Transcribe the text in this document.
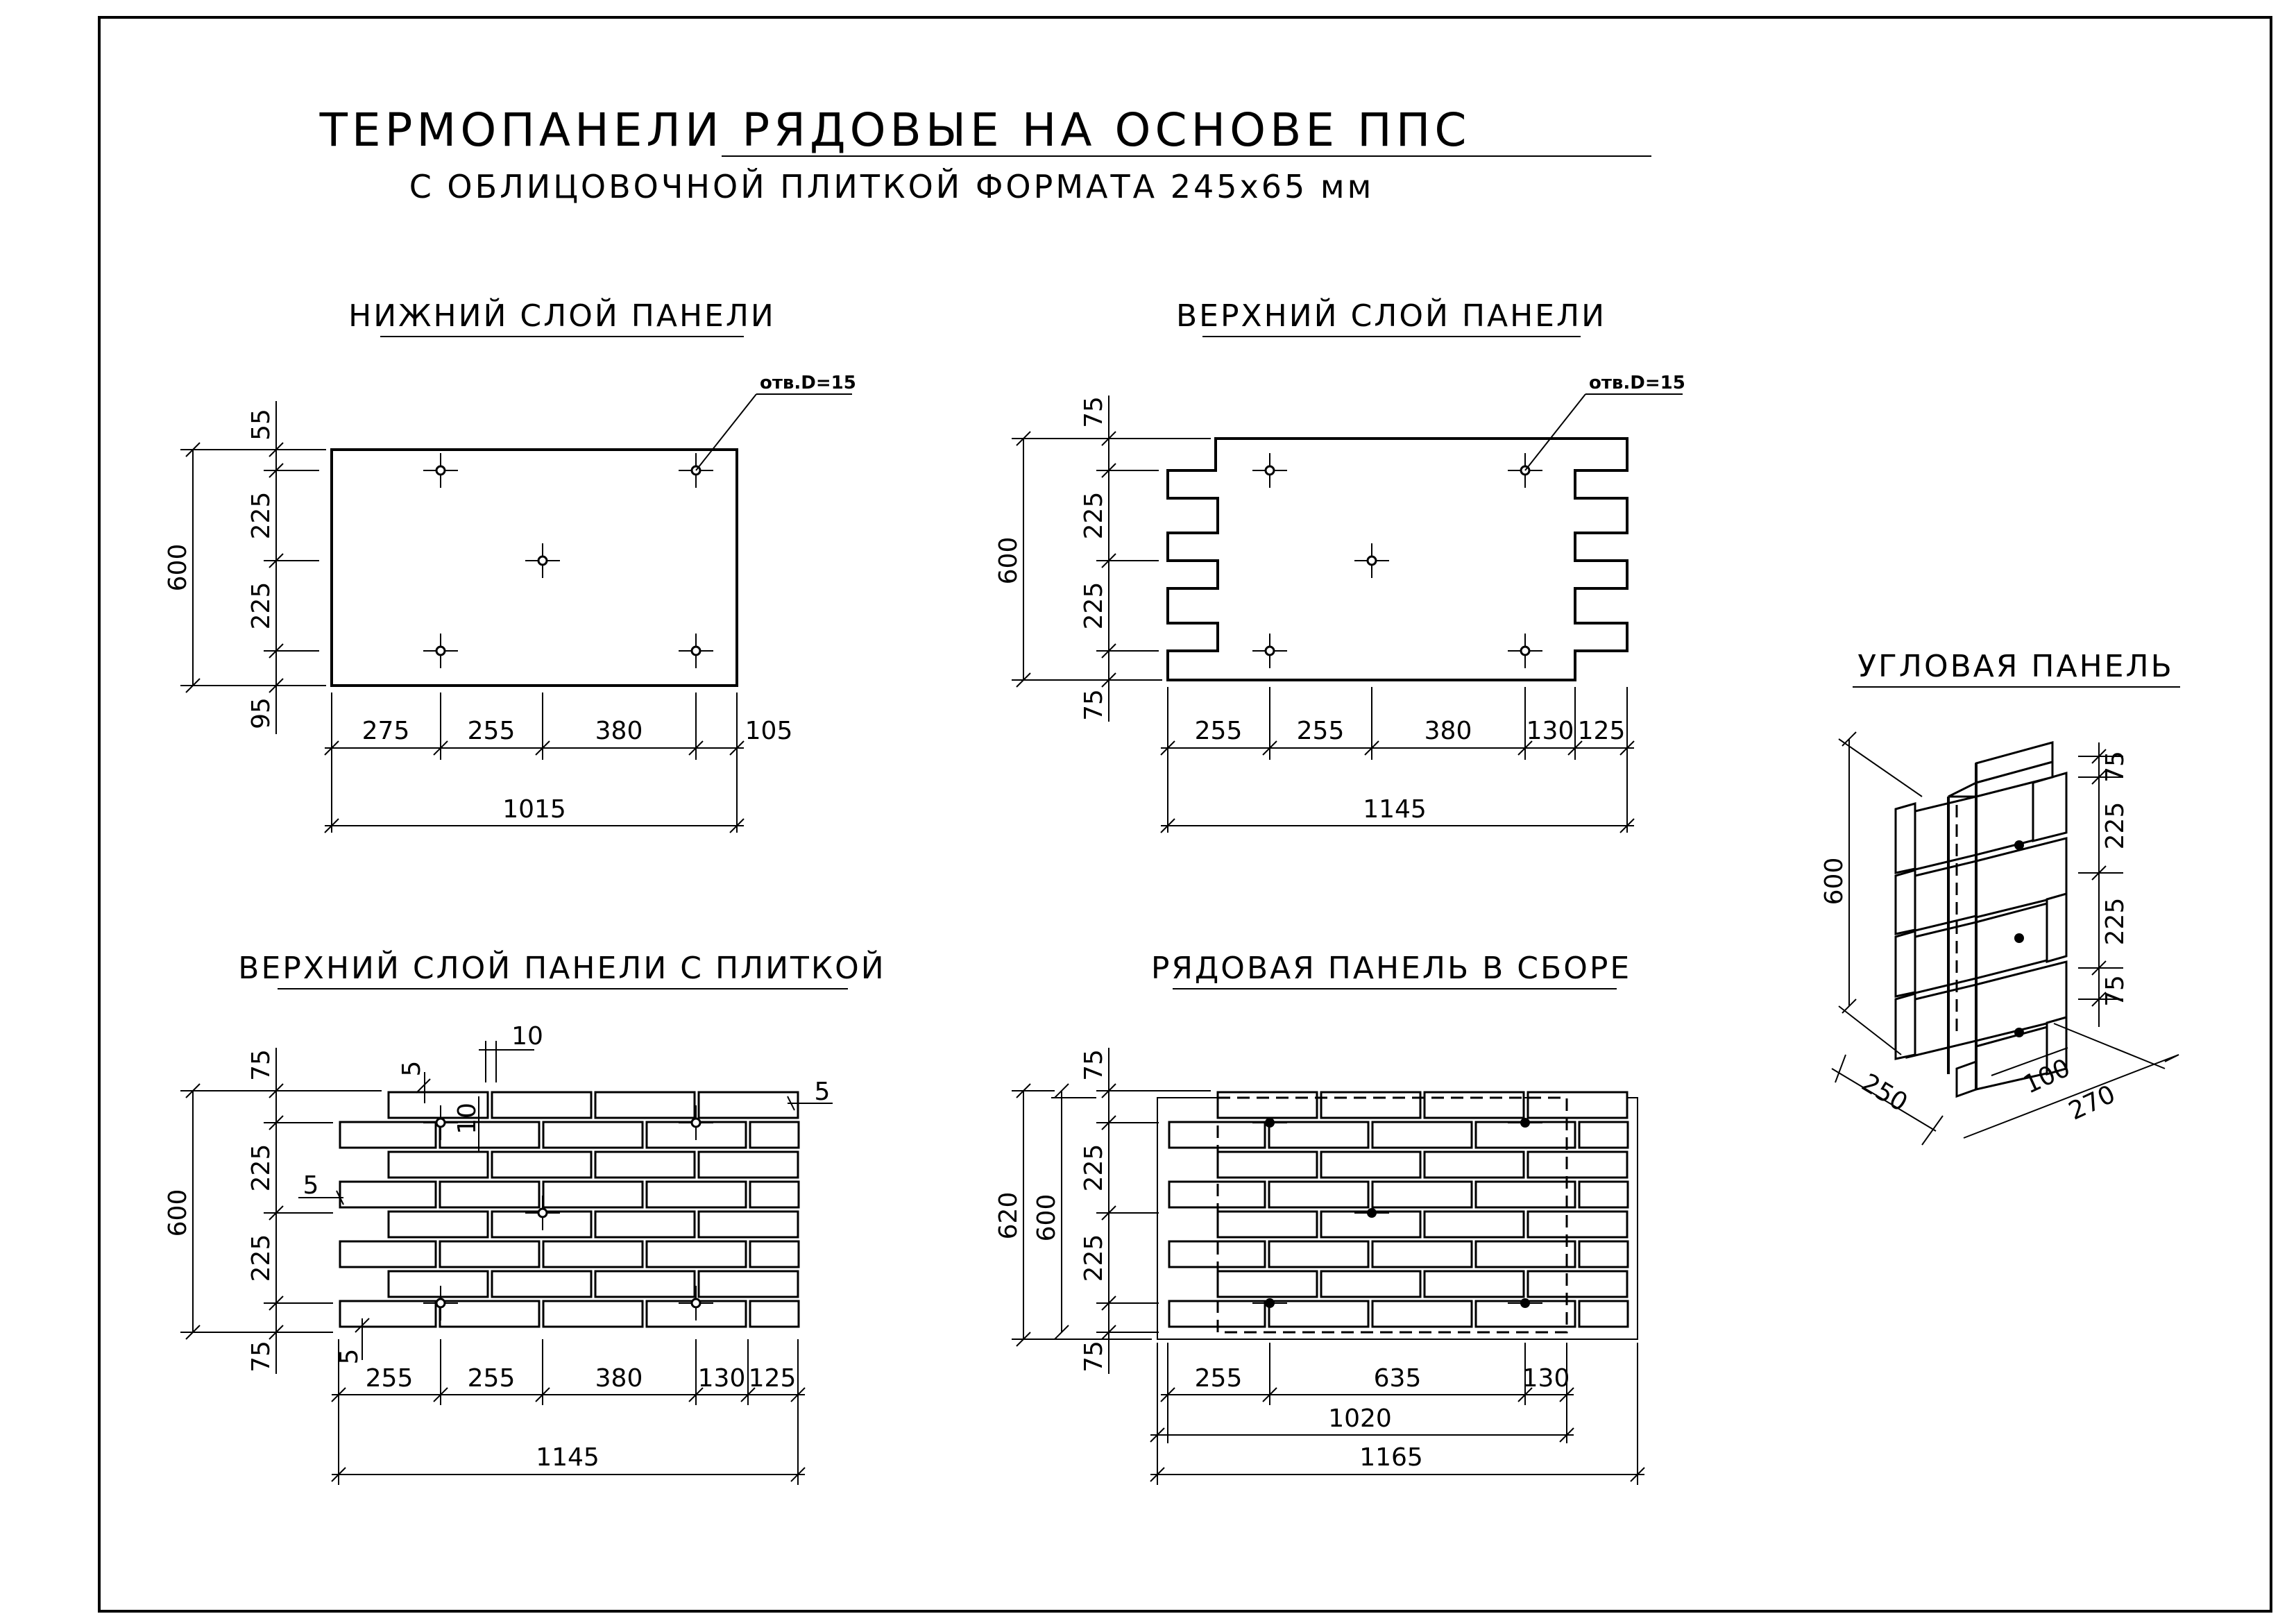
ТЕРМОПАНЕЛИ РЯДОВЫЕ НА ОСНОВЕ ППС
С ОБЛИЦОВОЧНОЙ ПЛИТКОЙ ФОРМАТА 245х65 мм
НИЖНИЙ СЛОЙ ПАНЕЛИ
отв.D=15
55
225
225
95
600
275 255	380	105
1015
ВЕРХНИЙ СЛОЙ ПАНЕЛИ
отв.D=15
75
225
225
75
600
255 255	380 130 125
1145
ВЕРХНИЙ СЛОЙ ПАНЕЛИ С ПЛИТКОЙ
5
10
10
5
5
5
75
225
225
75
600
255 255	380 130 125
1145
РЯДОВАЯ ПАНЕЛЬ В СБОРЕ
75
225
225
75
600
620
255	635	130
1020
1165
УГЛОВАЯ ПАНЕЛЬ
600
75
225
225
75
250	100
270
